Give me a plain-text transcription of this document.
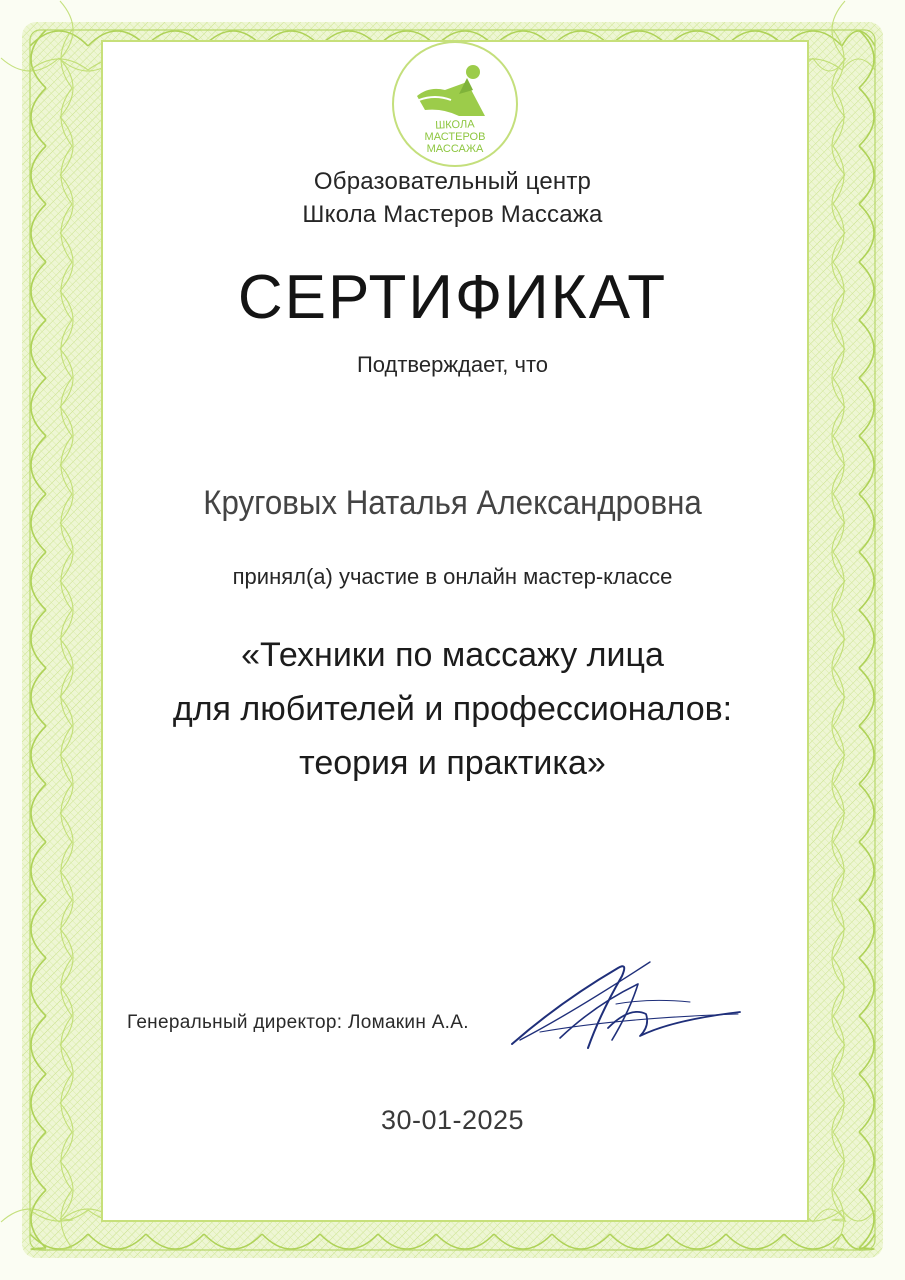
ШКОЛА
МАСТЕРОВ
МАССАЖА
Образовательный центр
Школа Мастеров Массажа
СЕРТИФИКАТ
Подтверждает, что
Круговых Наталья Александровна
принял(а) участие в онлайн мастер-классе
«Техники по массажу лица
для любителей и профессионалов:
теория и практика»
Генеральный директор: Ломакин А.А.
30-01-2025
